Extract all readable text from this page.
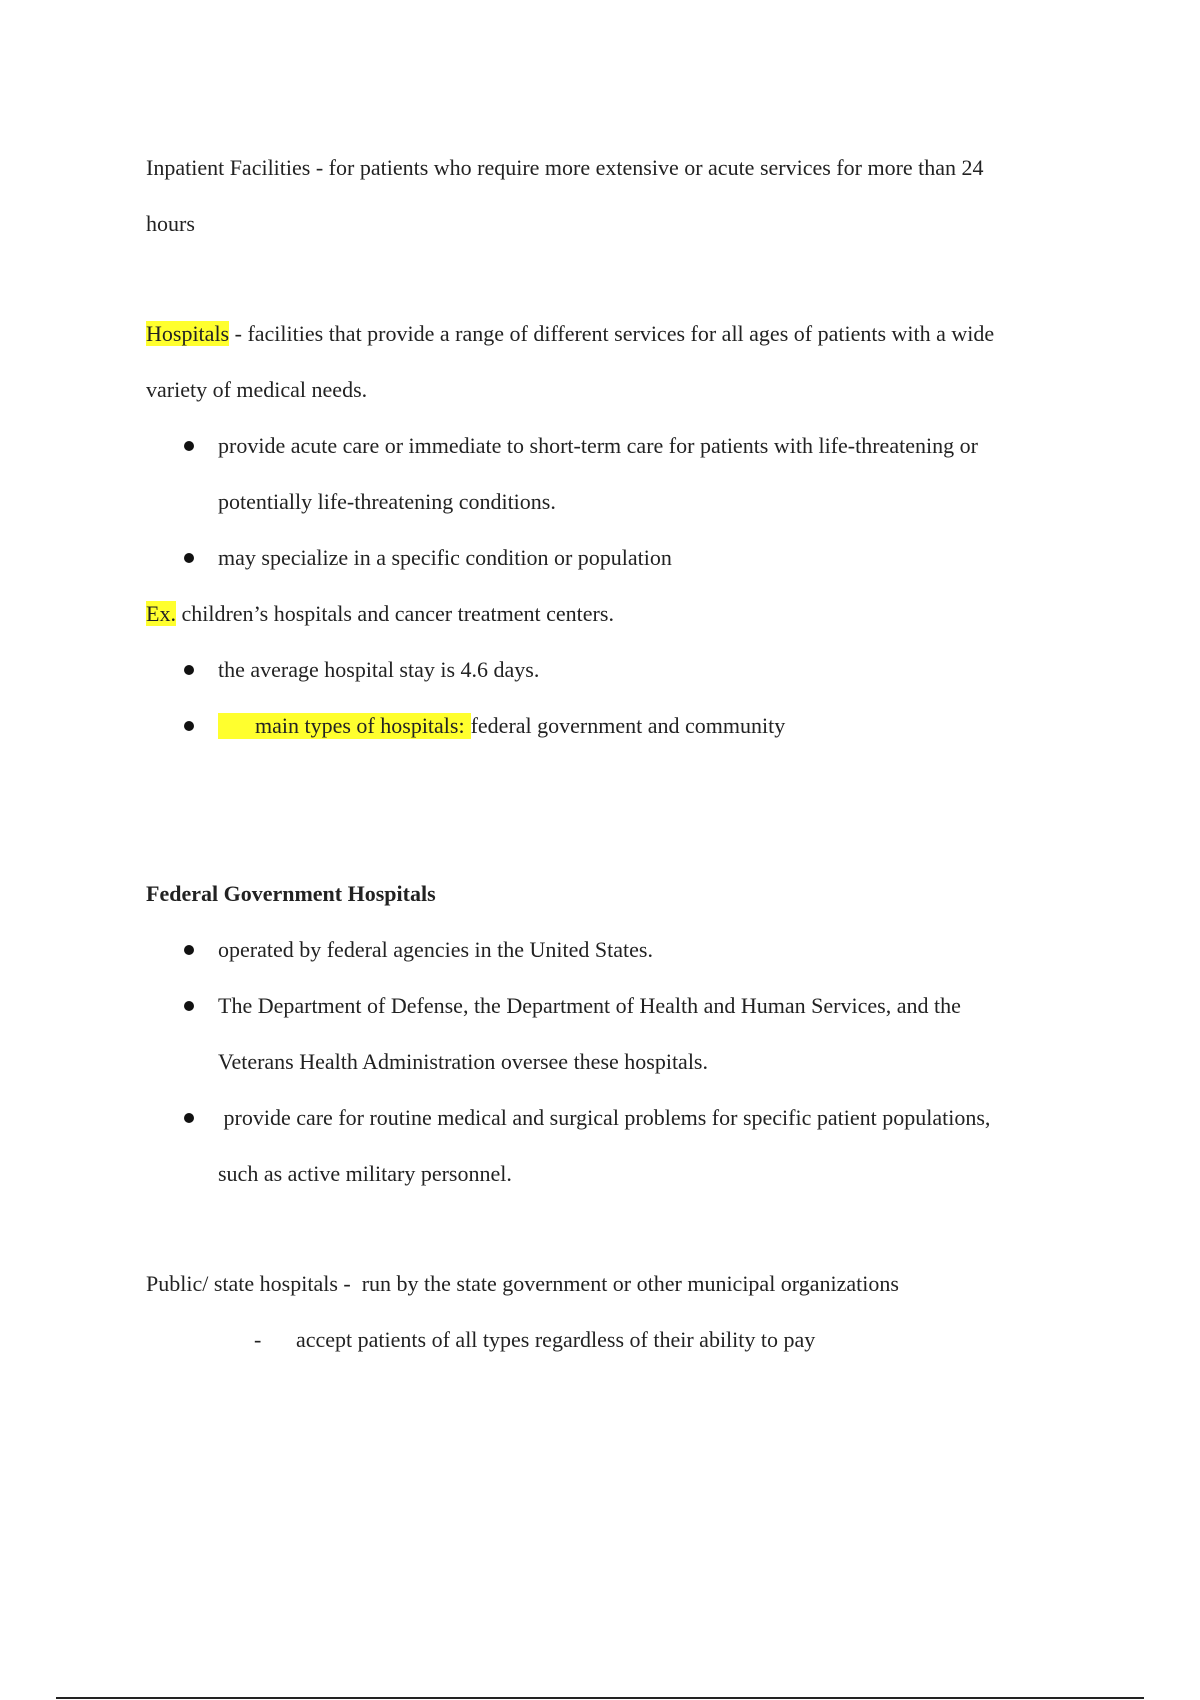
Inpatient Facilities - for patients who require more extensive or acute services for more than 24

hours

Hospitals - facilities that provide a range of different services for all ages of patients with a wide

variety of medical needs.

provide acute care or immediate to short-term care for patients with life-threatening or
potentially life-threatening conditions.
may specialize in a specific condition or population

Ex. children’s hospitals and cancer treatment centers.

the average hospital stay is 4.6 days.
main types of hospitals:federal government and community

Federal Government Hospitals

operated by federal agencies in the United States.
The Department of Defense, the Department of Health and Human Services, and the
Veterans Health Administration oversee these hospitals.
provide care for routine medical and surgical problems for specific patient populations,
such as active military personnel.

Public/ state hospitals -  run by the state government or other municipal organizations

- accept patients of all types regardless of their ability to pay
